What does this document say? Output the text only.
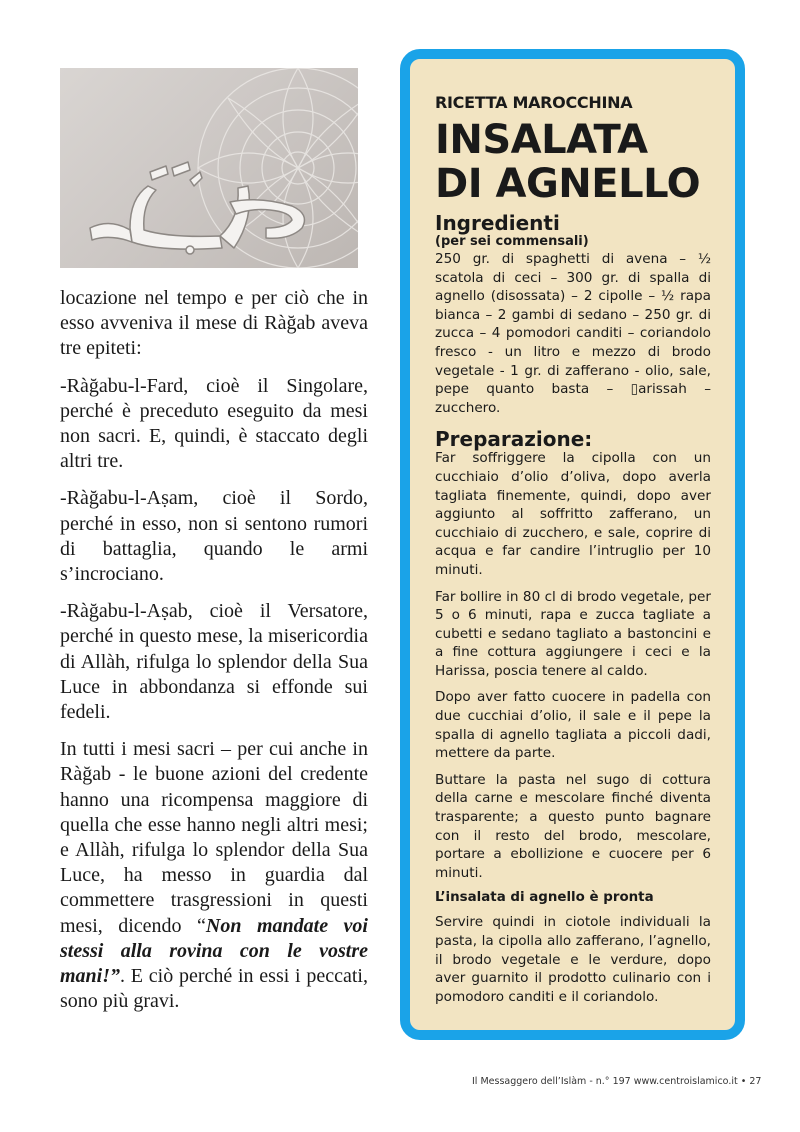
locazione nel tempo e per ciò che in esso avveniva il mese di Ràğab aveva tre epiteti:

-Ràğabu-l-Fard, cioè il Singolare, perché è preceduto eseguito da mesi non sacri. E, quindi, è staccato degli altri tre.

-Ràğabu-l-Aṣam, cioè il Sordo, perché in esso, non si sentono rumori di battaglia, quando le armi s’incrociano.

-Ràğabu-l-Aṣab, cioè il Versatore, perché in questo mese, la misericordia di Allàh, rifulga lo splendor della Sua Luce in abbondanza si effonde sui fedeli.

In tutti i mesi sacri – per cui anche in Ràğab - le buone azioni del credente hanno una ricompensa maggiore di quella che esse hanno negli altri mesi; e Allàh, rifulga lo splendor della Sua Luce, ha messo in guardia dal commettere trasgressioni in questi mesi, dicendo “Non mandate voi stessi alla rovina con le vostre mani!”. E ciò perché in essi i peccati, sono più gravi.

RICETTA MAROCCHINA
INSALATA
DI AGNELLO
Ingredienti
(per sei commensali)
250 gr. di spaghetti di avena – ½ scatola di ceci – 300 gr. di spalla di agnello (disossata) – 2 cipolle – ½ rapa bianca – 2 gambi di sedano – 250 gr. di zucca – 4 pomodori canditi – coriandolo fresco - un litro e mezzo di brodo vegetale - 1 gr. di zafferano - olio, sale, pepe quanto basta – ▯arissah – zucchero.
Preparazione:
Far soffriggere la cipolla con un cucchiaio d’olio d’oliva, dopo averla tagliata finemente, quindi, dopo aver aggiunto al soffritto zafferano, un cucchiaio di zucchero, e sale, coprire di acqua e far candire l’intruglio per 10 minuti.
Far bollire in 80 cl di brodo vegetale, per 5 o 6 minuti, rapa e zucca tagliate a cubetti e sedano tagliato a bastoncini e a fine cottura aggiungere i ceci e la Harissa, poscia tenere al caldo.
Dopo aver fatto cuocere in padella con due cucchiai d’olio, il sale e il pepe la spalla di agnello tagliata a piccoli dadi, mettere da parte.
Buttare la pasta nel sugo di cottura della carne e mescolare finché diventa trasparente; a questo punto bagnare con il resto del brodo, mescolare, portare a ebollizione e cuocere per 6 minuti.
L’insalata di agnello è pronta
Servire quindi in ciotole individuali la pasta, la cipolla allo zafferano, l’agnello, il brodo vegetale e le verdure, dopo aver guarnito il prodotto culinario con i pomodoro canditi e il coriandolo.
Il Messaggero dell’Islàm - n.° 197 www.centroislamico.it • 27
